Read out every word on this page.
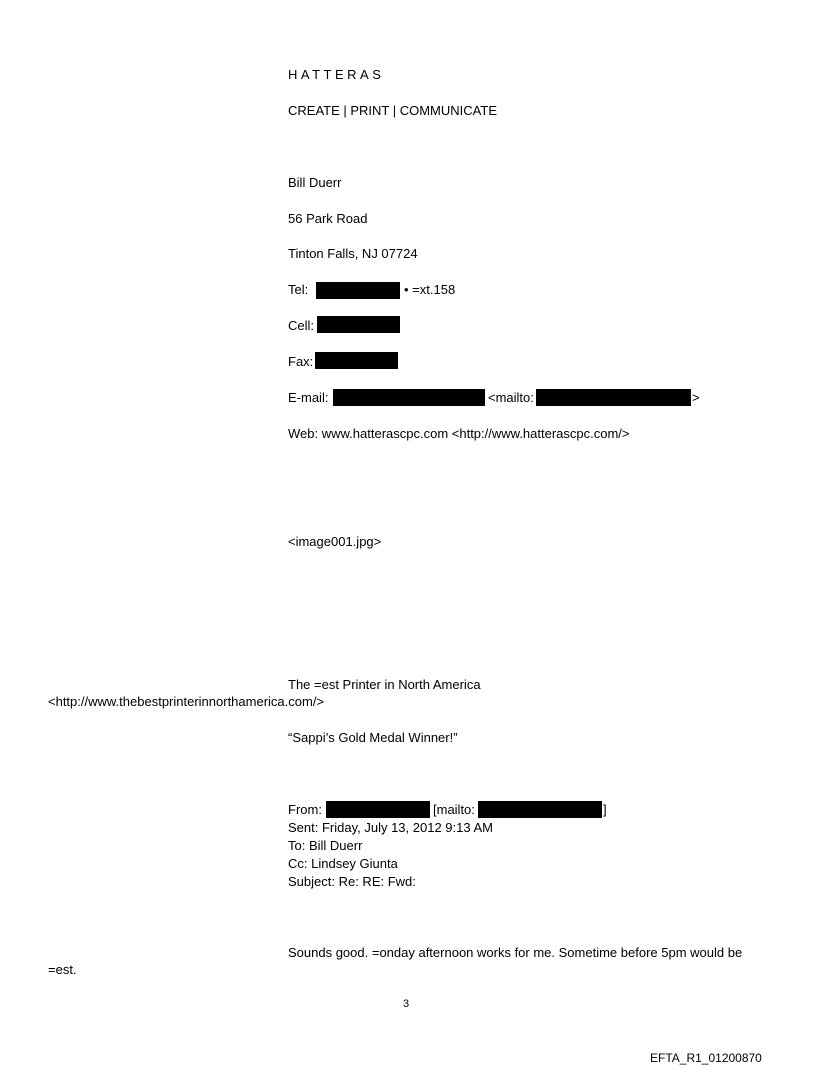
HATTERAS
CREATE | PRINT | COMMUNICATE
Bill Duerr
56 Park Road
Tinton Falls, NJ 07724
Tel:	• =xt.158
Cell:
Fax:
E-mail:	<mailto:	>
Web: www.hatterascpc.com <http://www.hatterascpc.com/>
<image001.jpg>
The =est Printer in North America
<http://www.thebestprinterinnorthamerica.com/>
“Sappi’s Gold Medal Winner!”
From:	[mailto:	]
Sent: Friday, July 13, 2012 9:13 AM
To: Bill Duerr
Cc: Lindsey Giunta
Subject: Re: RE: Fwd:
Sounds good. =onday afternoon works for me. Sometime before 5pm would be
=est.
3
EFTA_R1_01200870
